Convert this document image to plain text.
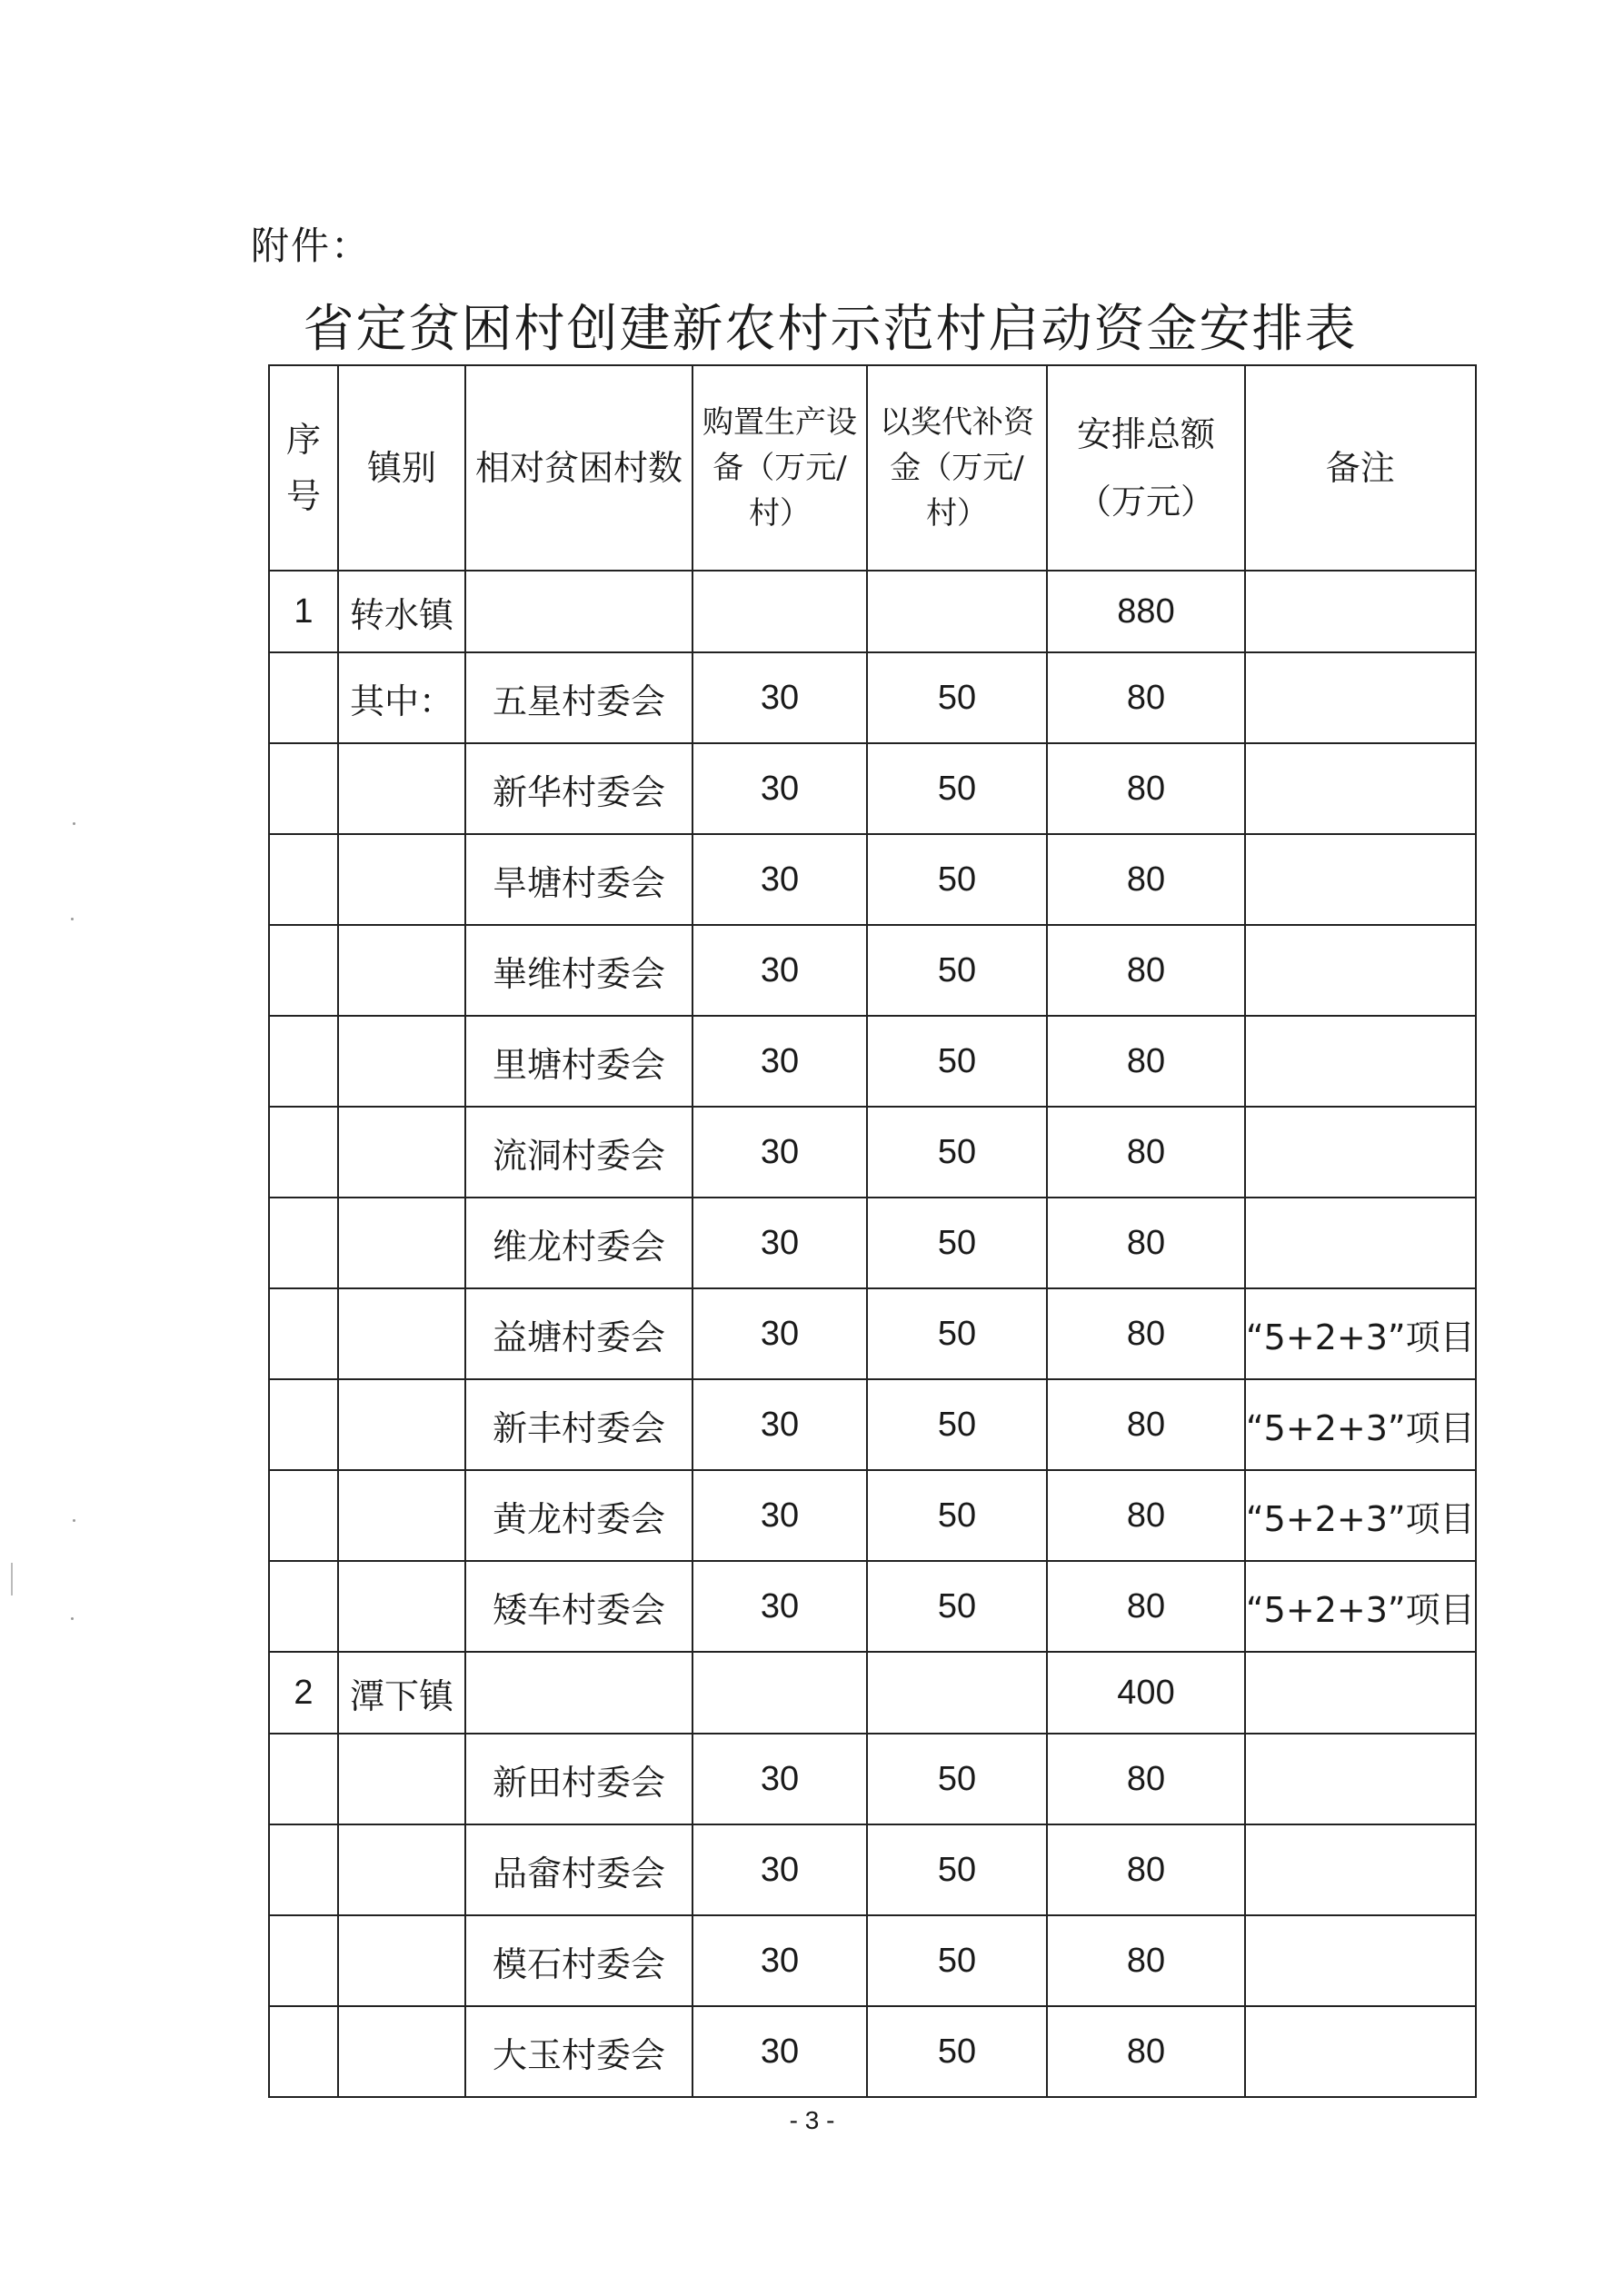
附件：
省定贫困村创建新农村示范村启动资金安排表
序号	镇别	相对贫困村数	购置生产设备（万元/村）	以奖代补资金（万元/村）	安排总额（万元）	备注
1	转水镇				880	
	其中：	五星村委会	30	50	80	
		新华村委会	30	50	80	
		旱塘村委会	30	50	80	
		崋维村委会	30	50	80	
		里塘村委会	30	50	80	
		流洞村委会	30	50	80	
		维龙村委会	30	50	80	
		益塘村委会	30	50	80	“5+2+3”项目
		新丰村委会	30	50	80	“5+2+3”项目
		黄龙村委会	30	50	80	“5+2+3”项目
		矮车村委会	30	50	80	“5+2+3”项目
2	潭下镇				400	
		新田村委会	30	50	80	
		品畲村委会	30	50	80	
		模石村委会	30	50	80	
		大玉村委会	30	50	80	
- 3 -
